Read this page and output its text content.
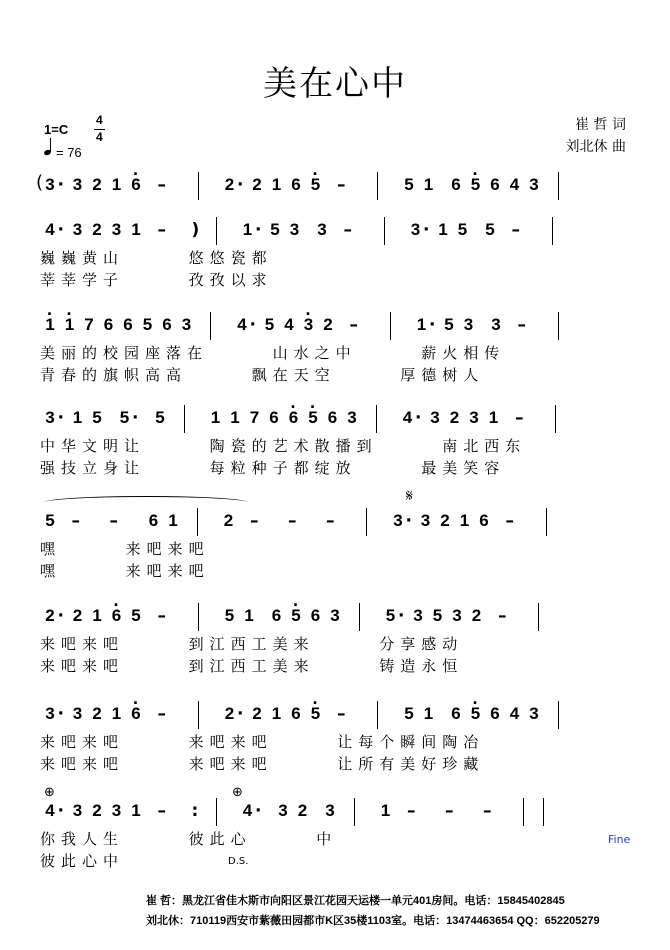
美在心中
崔 哲 词
刘北休 曲
1=C
4
4
= 76
3 · 3 2 1 · 6 –	2 · 2 1 6 · 5 –	5 1	6 · 5 6 4 3
4 · 3 2 3 1 – )	1 · 5 3	3 –	3 · 1 5	5 –
巍巍黄山      悠悠瓷都
莘莘学子      孜孜以求
· 1 · 1 7 6 6 5 6 3	4 · 5 4 · 3 2 –	1 · 5 3	3 –
美丽的校园座落在      山水之中      薪火相传
青春的旗帜高高      飘在天空      厚德树人
3 · 1 5	5 · 5	1 1 7 6 · 6 · 5 6 3	4 · 3 2 3 1 –
中华文明让      陶瓷的艺术散播到      南北西东
强技立身让      每粒种子都绽放      最美笑容
5 – –	6 1	2 – – –	3 · 3 2 1 6 –
嘿      来吧来吧
嘿      来吧来吧
2 · 2 1 · 6 5 –	5 1	6 · 5 6 3	5 · 3 5 3 2 –
来吧来吧      到江西工美来      分享感动
来吧来吧      到江西工美来      铸造永恒
3 · 3 2 1 · 6 –	2 · 2 1 6 · 5 –	5 1	6 · 5 6 4 3
来吧来吧      来吧来吧      让每个瞬间陶冶
来吧来吧      来吧来吧      让所有美好珍藏
4 · 3 2 3 1 – :	4 · 3 2	3	1 – – –
你我人生      彼此心      中
彼此心中
崔 哲：黑龙江省佳木斯市向阳区景江花园天运楼一单元401房间。电话：15845402845
刘北休：710119西安市紫薇田园都市K区35楼1103室。电话：13474463654 QQ：652205279
(
𝄋
⊕	⊕
Fine
D.S.
